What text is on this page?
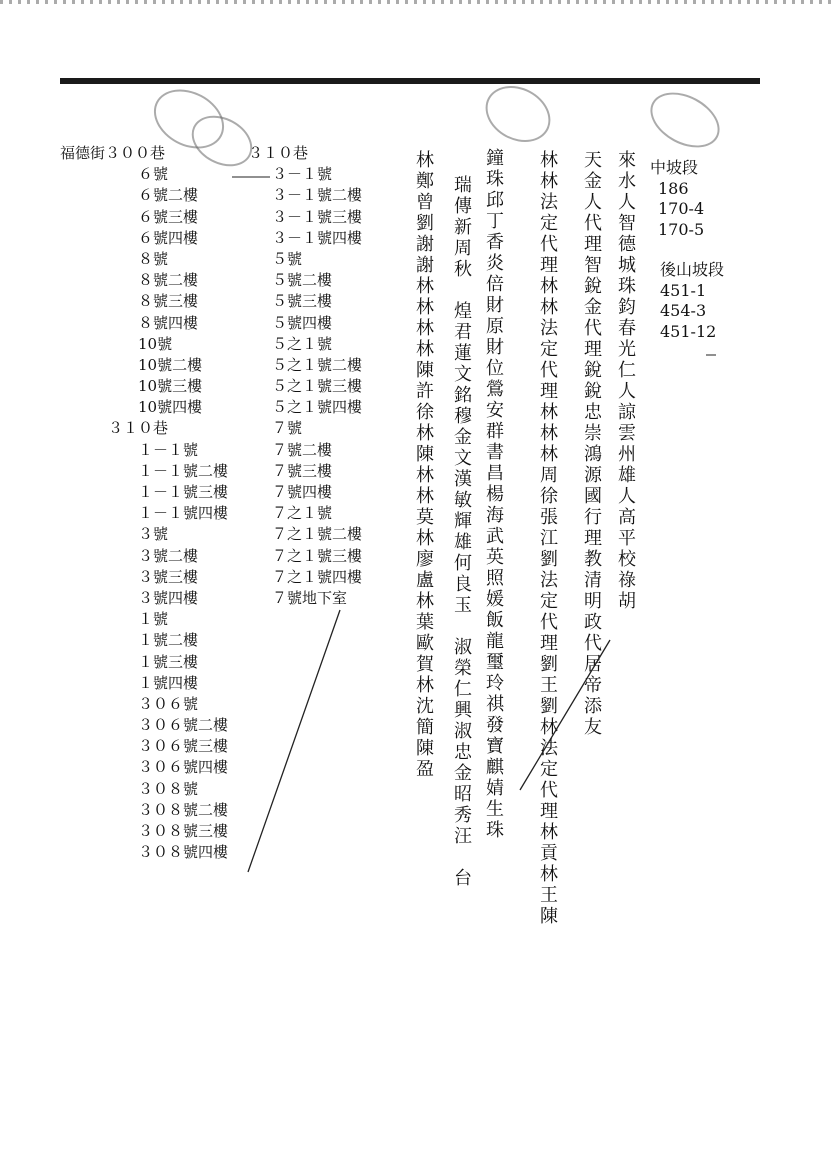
福德街３００巷
６號
６號二樓
６號三樓
６號四樓
８號
８號二樓
８號三樓
８號四樓
10號
10號二樓
10號三樓
10號四樓
３１０巷
１－１號
１－１號二樓
１－１號三樓
１－１號四樓
３號
３號二樓
３號三樓
３號四樓
１號
１號二樓
１號三樓
１號四樓
３０６號
３０６號二樓
３０６號三樓
３０６號四樓
３０８號
３０８號二樓
３０８號三樓
３０８號四樓
３１０巷
３－１號
３－１號二樓
３－１號三樓
３－１號四樓
５號
５號二樓
５號三樓
５號四樓
５之１號
５之１號二樓
５之１號三樓
５之１號四樓
７號
７號二樓
７號三樓
７號四樓
７之１號
７之１號二樓
７之１號三樓
７之１號四樓
７號地下室	林鄭曾劉謝謝林林林林陳許徐林陳林林莫林廖盧林葉歐賀林沈簡陳盈 瑞傳新周秋　煌君蓮文銘穆金文漢敏輝雄何良玉　淑榮仁興淑忠金昭秀汪　台 鐘珠邱丁香炎倍財原財位鶯安群書昌楊海武英照媛飯龍璽玲祺發寶麒婧生珠 林林法定代理林林法定代理林林林周徐張江劉法定代理劉王劉林法定代理林貢林王陳 天金人代理智銳金代理銳銳忠崇鴻源國行理教清明政代居帝添友 來水人智德城珠鈞春光仁人諒雲州雄人高平校祿胡 中坡段
186
170-4
170-5
後山坡段
451-1
454-3
451-12
